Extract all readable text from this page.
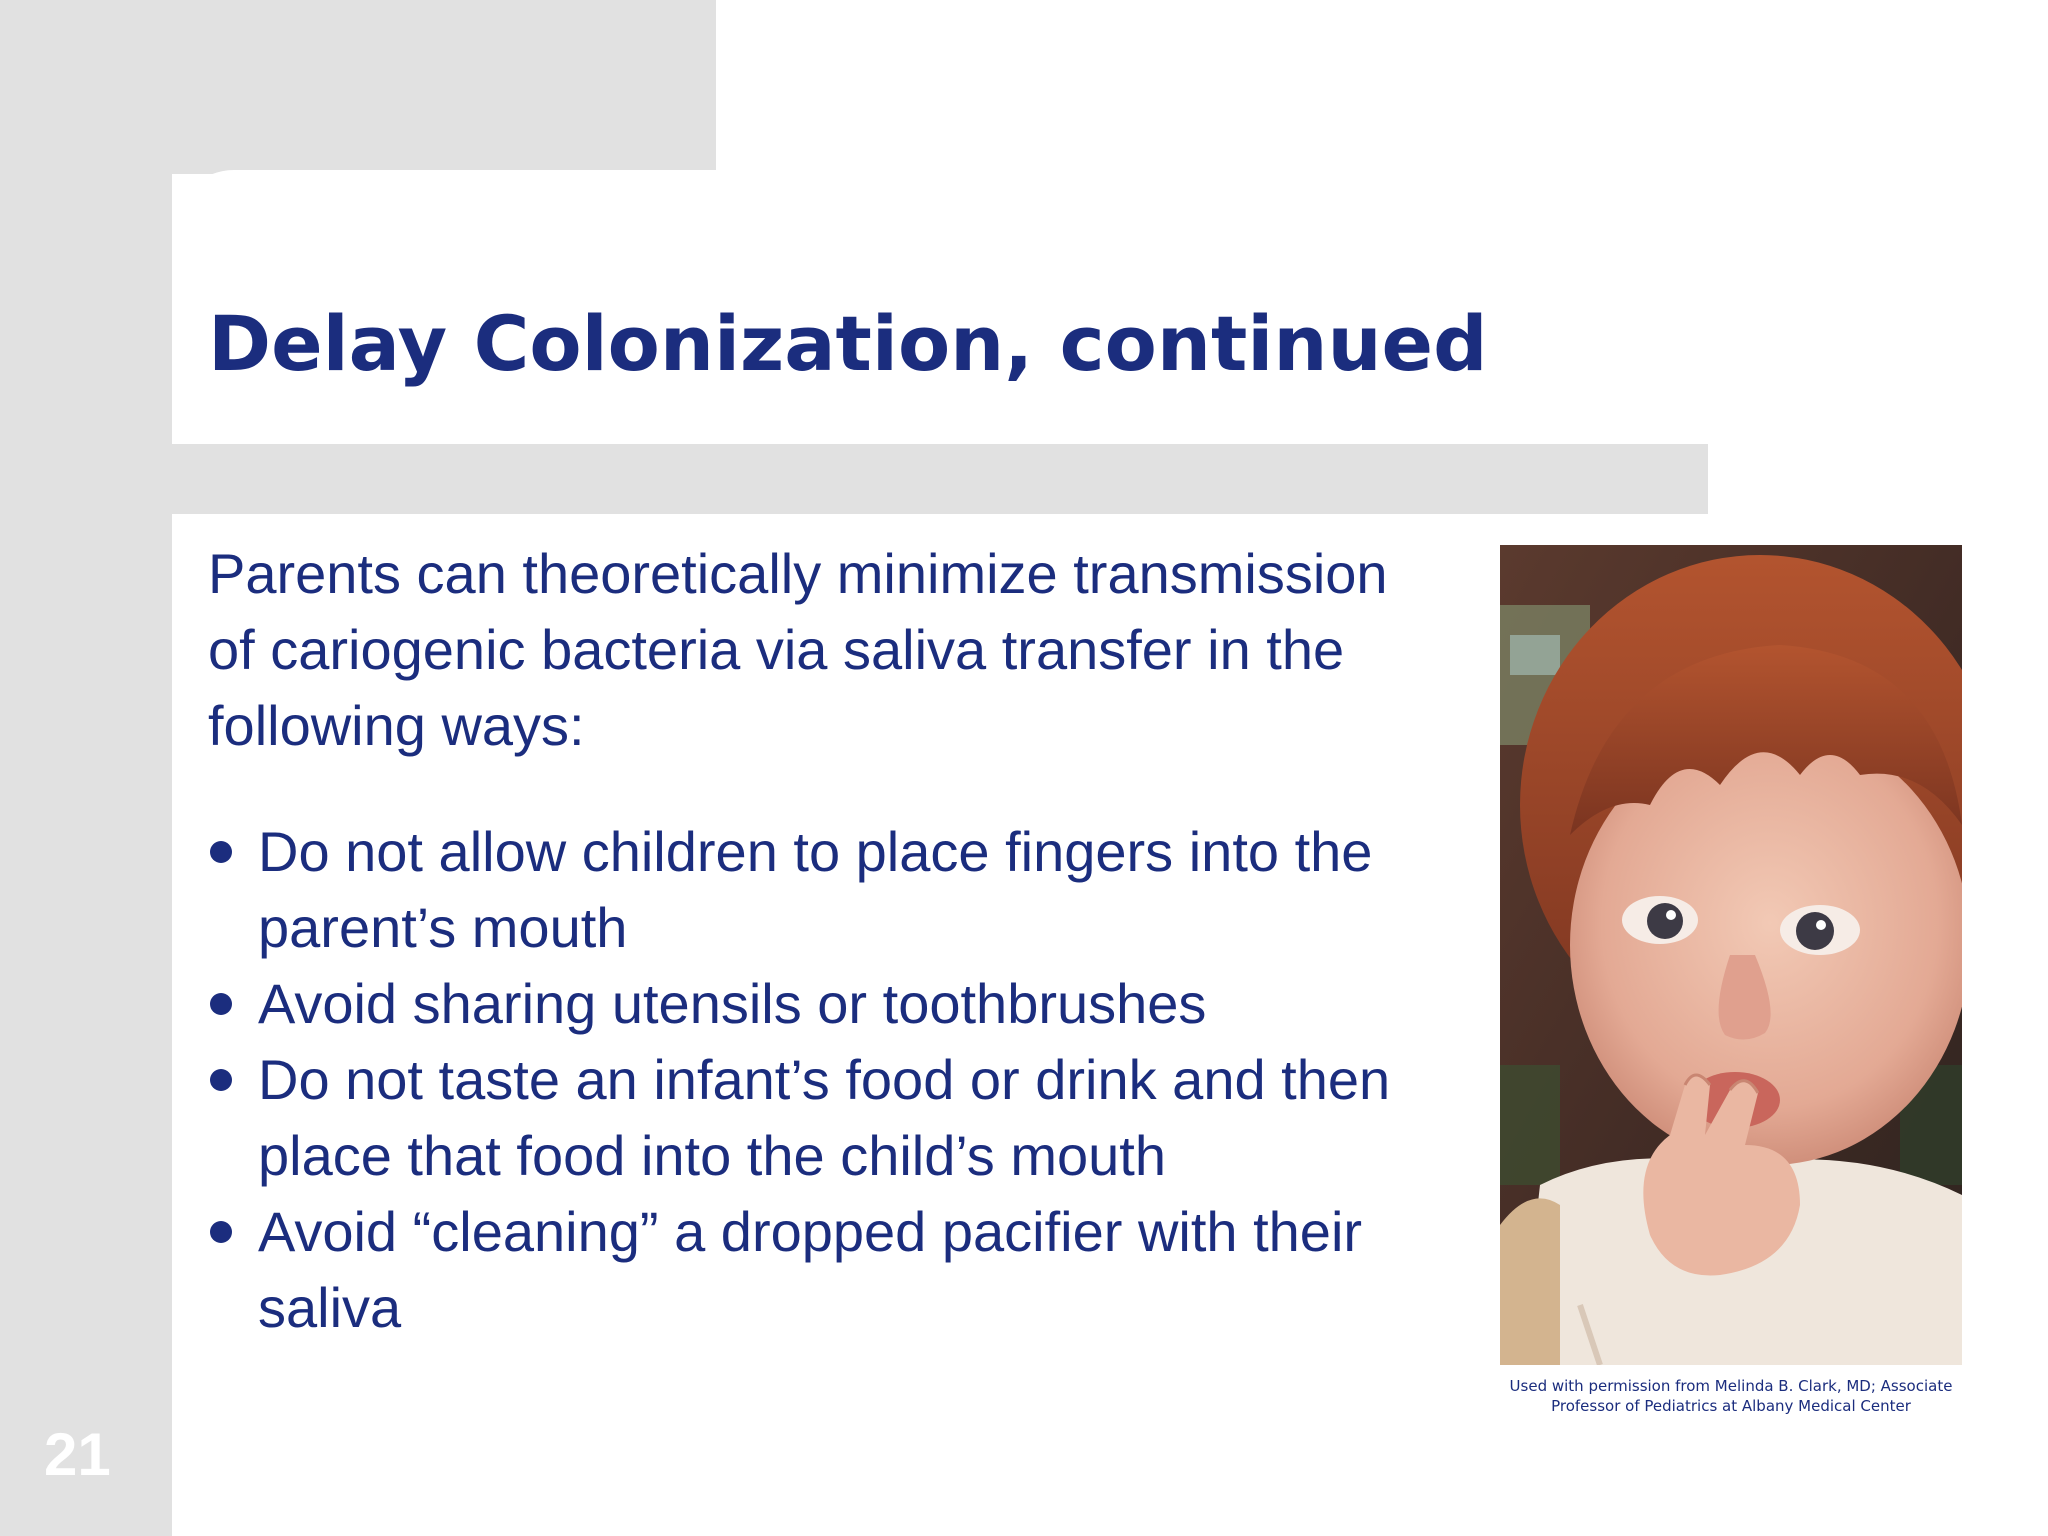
Delay Colonization, continued

Parents can theoretically minimize transmission of cariogenic bacteria via saliva transfer in the following ways:

Do not allow children to place fingers into the parent’s mouth
Avoid sharing utensils or toothbrushes
Do not taste an infant’s food or drink and then place that food into the child’s mouth
Avoid “cleaning” a dropped pacifier with their saliva
Used with permission from Melinda B. Clark, MD; Associate Professor of Pediatrics at Albany Medical Center
21
